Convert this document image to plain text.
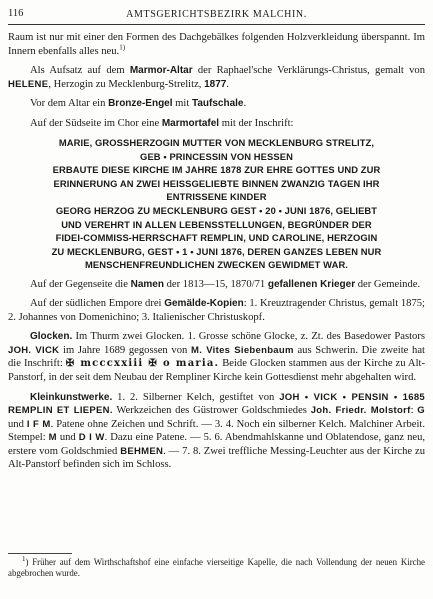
116	AMTSGERICHTSBEZIRK MALCHIN.

Raum ist nur mit einer den Formen des Dachgebälkes folgenden Holzverkleidung überspannt. Im Innern ebenfalls alles neu.$^{1)}$

Als Aufsatz auf dem Marmor-Altar der Raphael'sche Verklärungs-Christus, gemalt von HELENE, Herzogin zu Mecklenburg-Strelitz, 1877.

Vor dem Altar ein Bronze-Engel mit Taufschale.

Auf der Südseite im Chor eine Marmortafel mit der Inschrift:

MARIE, GROSSHERZOGIN MUTTER VON MECKLENBURG STRELITZ,
GEB • PRINCESSIN VON HESSEN
ERBAUTE DIESE KIRCHE IM JAHRE 1878 ZUR EHRE GOTTES UND ZUR
ERINNERUNG AN ZWEI HEISSGELIEBTE BINNEN ZWANZIG TAGEN IHR
ENTRISSENE KINDER
GEORG HERZOG ZU MECKLENBURG GEST • 20 • JUNI 1876, GELIEBT
UND VEREHRT IN ALLEN LEBENSSTELLUNGEN, BEGRÜNDER DER
FIDEI-COMMISS-HERRSCHAFT REMPLIN, UND CAROLINE, HERZOGIN
ZU MECKLENBURG, GEST • 1 • JUNI 1876, DEREN GANZES LEBEN NUR
MENSCHENFREUNDLICHEN ZWECKEN GEWIDMET WAR.

Auf der Gegenseite die Namen der 1813—15, 1870/71 gefallenen Krieger der Gemeinde.

Auf der südlichen Empore drei Gemälde-Kopien: 1. Kreuztragender Christus, gemalt 1875; 2. Johannes von Domenichino; 3. Italienischer Christuskopf.

Glocken. Im Thurm zwei Glocken. 1. Grosse schöne Glocke, z. Zt. des Basedower Pastors JOH. VICK im Jahre 1689 gegossen von M. Vites Siebenbaum aus Schwerin. Die zweite hat die Inschrift: ✠ mcccxxiii ✠ o maria. Beide Glocken stammen aus der Kirche zu Alt-Panstorf, in der seit dem Neubau der Rempliner Kirche kein Gottesdienst mehr abgehalten wird.

Kleinkunstwerke. 1. 2. Silberner Kelch, gestiftet von JOH • VICK • PENSIN • 1685 REMPLIN ET LIEPEN. Werkzeichen des Güstrower Goldschmiedes Joh. Friedr. Molstorf: G und I F M. Patene ohne Zeichen und Schrift. — 3. 4. Noch ein silberner Kelch. Malchiner Arbeit. Stempel: M und D I W. Dazu eine Patene. — 5. 6. Abendmahlskanne und Oblatendose, ganz neu, erstere vom Goldschmied BEHMEN. — 7. 8. Zwei treffliche Messing-Leuchter aus der Kirche zu Alt-Panstorf befinden sich im Schloss.

$^1$) Früher auf dem Wirthschaftshof eine einfache vierseitige Kapelle, die nach Vollendung der neuen Kirche abgebrochen wurde.
